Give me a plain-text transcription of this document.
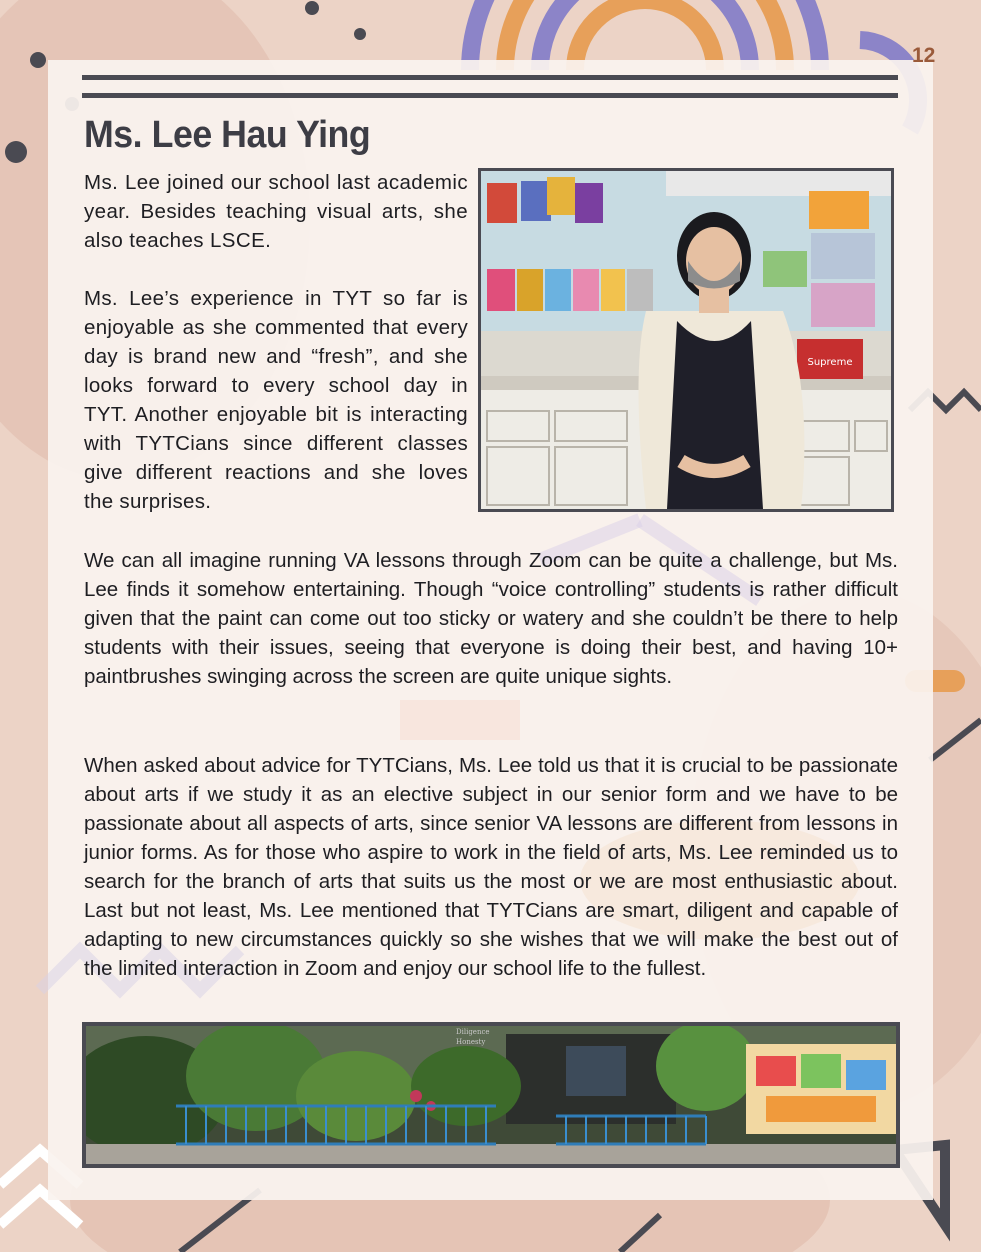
12
Ms. Lee Hau Ying

Ms. Lee joined our school last academic year. Besides teaching visual arts, she also teaches LSCE.

Ms. Lee’s experience in TYT so far is enjoyable as she commented that every day is brand new and “fresh”, and she looks forward to every school day in TYT. Another enjoyable bit is interacting with TYTCians since different classes give different reactions and she loves the surprises.

Supreme

We can all imagine running VA lessons through Zoom can be quite a challenge, but Ms. Lee finds it somehow entertaining. Though “voice controlling” students is rather difficult given that the paint can come out too sticky or watery and she couldn’t be there to help students with their issues, seeing that everyone is doing their best, and having 10+ paintbrushes swinging across the screen are quite unique sights.

When asked about advice for TYTCians, Ms. Lee told us that it is crucial to be passionate about arts if we study it as an elective subject in our senior form and we have to be passionate about all aspects of arts, since senior VA lessons are different from lessons in junior forms. As for those who aspire to work in the field of arts, Ms. Lee reminded us to search for the branch of arts that suits us the most or we are most enthusiastic about. Last but not least, Ms. Lee mentioned that TYTCians are smart, diligent and capable of adapting to new circumstances quickly so she wishes that we will make the best out of the limited interaction in Zoom and enjoy our school life to the fullest.

Diligence
Honesty
